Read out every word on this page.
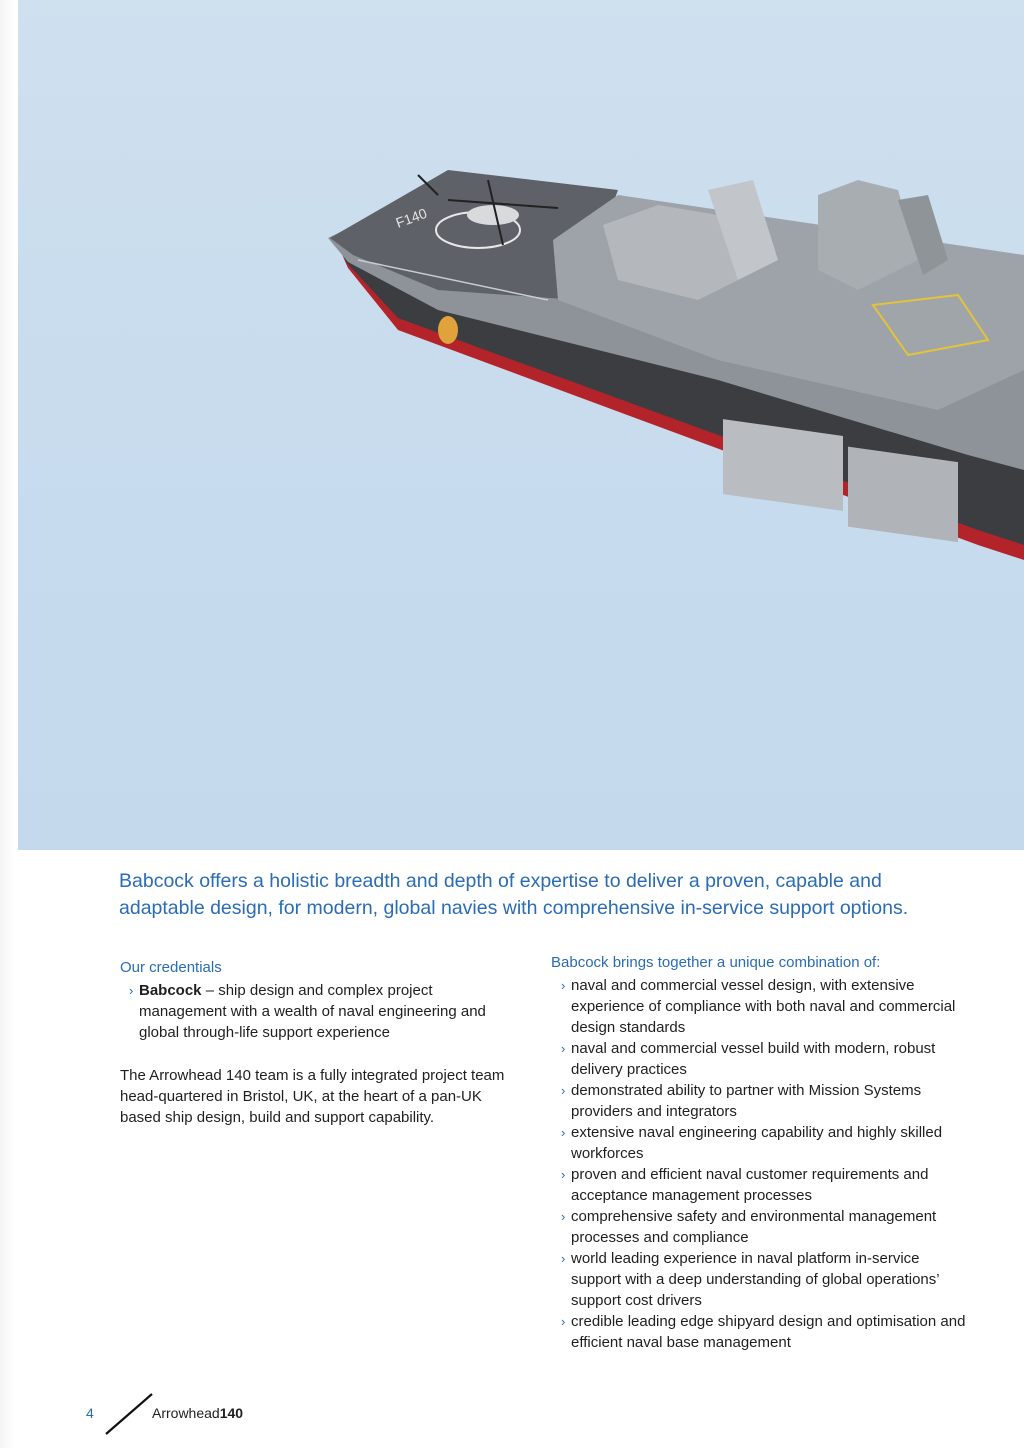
F140
Babcock offers a holistic breadth and depth of expertise to deliver a proven, capable and adaptable design, for modern, global navies with comprehensive in-service support options.
Our credentials
› Babcock – ship design and complex project management with a wealth of naval engineering and global through-life support experience
The Arrowhead 140 team is a fully integrated project team head-quartered in Bristol, UK, at the heart of a pan-UK based ship design, build and support capability.
Babcock brings together a unique combination of:
› naval and commercial vessel design, with extensive experience of compliance with both naval and commercial design standards
› naval and commercial vessel build with modern, robust delivery practices
› demonstrated ability to partner with Mission Systems providers and integrators
› extensive naval engineering capability and highly skilled workforces
› proven and efficient naval customer requirements and acceptance management processes
› comprehensive safety and environmental management processes and compliance
› world leading experience in naval platform in-service support with a deep understanding of global operations’ support cost drivers
› credible leading edge shipyard design and optimisation and efficient naval base management
4	Arrowhead140
